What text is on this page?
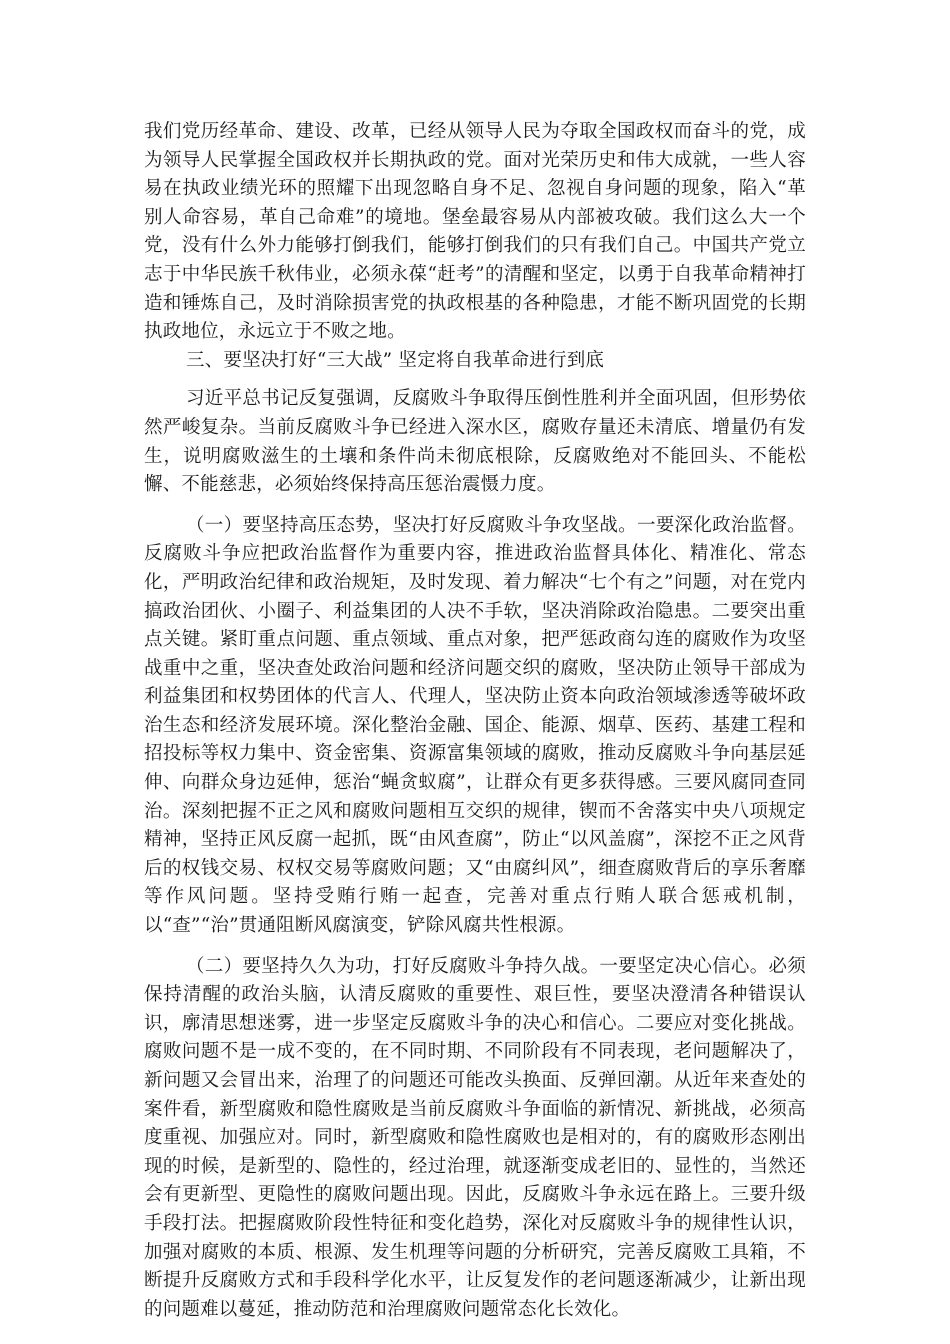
我们党历经革命、建设、改革，已经从领导人民为夺取全国政权而奋斗的党，成为领导人民掌握全国政权并长期执政的党。面对光荣历史和伟大成就，一些人容易在执政业绩光环的照耀下出现忽略自身不足、忽视自身问题的现象，陷入“革别人命容易，革自己命难”的境地。堡垒最容易从内部被攻破。我们这么大一个党，没有什么外力能够打倒我们，能够打倒我们的只有我们自己。中国共产党立志于中华民族千秋伟业，必须永葆“赶考”的清醒和坚定，以勇于自我革命精神打造和锤炼自己，及时消除损害党的执政根基的各种隐患，才能不断巩固党的长期执政地位，永远立于不败之地。

三、要坚决打好“三大战” 坚定将自我革命进行到底

习近平总书记反复强调，反腐败斗争取得压倒性胜利并全面巩固，但形势依然严峻复杂。当前反腐败斗争已经进入深水区，腐败存量还未清底、增量仍有发生，说明腐败滋生的土壤和条件尚未彻底根除，反腐败绝对不能回头、不能松懈、不能慈悲，必须始终保持高压惩治震慑力度。

（一）要坚持高压态势，坚决打好反腐败斗争攻坚战。一要深化政治监督。反腐败斗争应把政治监督作为重要内容，推进政治监督具体化、精准化、常态化，严明政治纪律和政治规矩，及时发现、着力解决“七个有之”问题，对在党内搞政治团伙、小圈子、利益集团的人决不手软，坚决消除政治隐患。二要突出重点关键。紧盯重点问题、重点领域、重点对象，把严惩政商勾连的腐败作为攻坚战重中之重，坚决查处政治问题和经济问题交织的腐败，坚决防止领导干部成为利益集团和权势团体的代言人、代理人，坚决防止资本向政治领域渗透等破坏政治生态和经济发展环境。深化整治金融、国企、能源、烟草、医药、基建工程和招投标等权力集中、资金密集、资源富集领域的腐败，推动反腐败斗争向基层延伸、向群众身边延伸，惩治“蝇贪蚁腐”，让群众有更多获得感。三要风腐同查同治。深刻把握不正之风和腐败问题相互交织的规律，锲而不舍落实中央八项规定精神，坚持正风反腐一起抓，既“由风查腐”，防止“以风盖腐”，深挖不正之风背后的权钱交易、权权交易等腐败问题；又“由腐纠风”，细查腐败背后的享乐奢靡等作风问题。坚持受贿行贿一起查，完善对重点行贿人联合惩戒机制，以“查”“治”贯通阻断风腐演变，铲除风腐共性根源。

（二）要坚持久久为功，打好反腐败斗争持久战。一要坚定决心信心。必须保持清醒的政治头脑，认清反腐败的重要性、艰巨性，要坚决澄清各种错误认识，廓清思想迷雾，进一步坚定反腐败斗争的决心和信心。二要应对变化挑战。腐败问题不是一成不变的，在不同时期、不同阶段有不同表现，老问题解决了，新问题又会冒出来，治理了的问题还可能改头换面、反弹回潮。从近年来查处的案件看，新型腐败和隐性腐败是当前反腐败斗争面临的新情况、新挑战，必须高度重视、加强应对。同时，新型腐败和隐性腐败也是相对的，有的腐败形态刚出现的时候，是新型的、隐性的，经过治理，就逐渐变成老旧的、显性的，当然还会有更新型、更隐性的腐败问题出现。因此，反腐败斗争永远在路上。三要升级手段打法。把握腐败阶段性特征和变化趋势，深化对反腐败斗争的规律性认识，加强对腐败的本质、根源、发生机理等问题的分析研究，完善反腐败工具箱，不断提升反腐败方式和手段科学化水平，让反复发作的老问题逐渐减少，让新出现的问题难以蔓延，推动防范和治理腐败问题常态化长效化。
